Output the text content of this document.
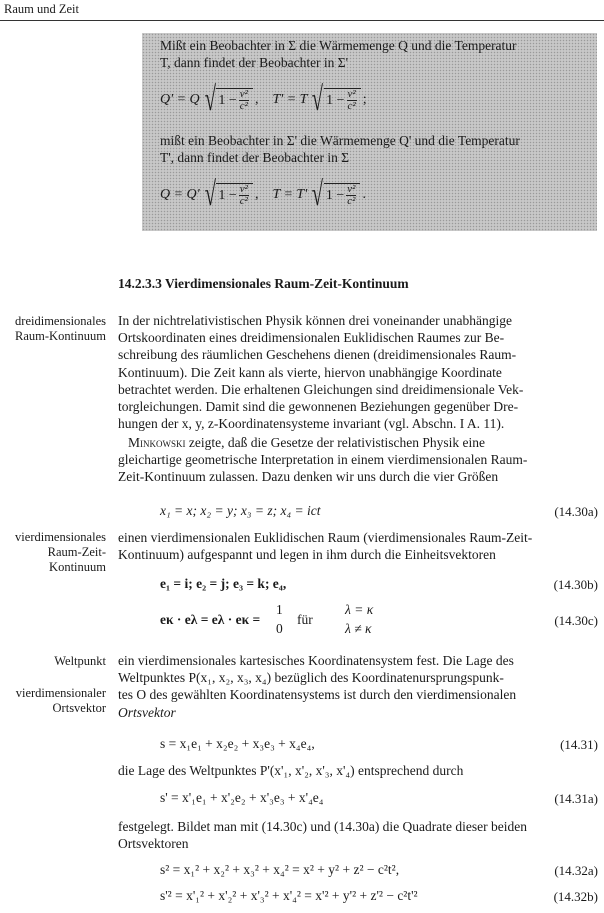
Raum und Zeit
Mißt ein Beobachter in Σ die Wärmemenge Q und die Temperatur
T, dann findet der Beobachter in Σ'
Q' = Q √ $1 - \frac{\text{v²}}{\text{c²}}$ , T' = T √ $1 - \frac{\text{v²}}{\text{c²}}$ ;
mißt ein Beobachter in Σ' die Wärmemenge Q' und die Temperatur
T', dann findet der Beobachter in Σ
Q = Q' √ $1 - \frac{\text{v²}}{\text{c²}}$ , T = T' √ $1 - \frac{\text{v²}}{\text{c²}}$ .
14.2.3.3 Vierdimensionales Raum-Zeit-Kontinuum
dreidimensionales
Raum-Kontinuum
vierdimensionales
Raum-Zeit-
Kontinuum
Weltpunkt
vierdimensionaler
Ortsvektor
In der nichtrelativistischen Physik können drei voneinander unabhängige
Ortskoordinaten eines dreidimensionalen Euklidischen Raumes zur Be-
schreibung des räumlichen Geschehens dienen (dreidimensionales Raum-
Kontinuum). Die Zeit kann als vierte, hiervon unabhängige Koordinate
betrachtet werden. Die erhaltenen Gleichungen sind dreidimensionale Vek-
torgleichungen. Damit sind die gewonnenen Beziehungen gegenüber Dre-
hungen der x, y, z-Koordinatensysteme invariant (vgl. Abschn. I A. 11).
Minkowski zeigte, daß die Gesetze der relativistischen Physik eine
gleichartige geometrische Interpretation in einem vierdimensionalen Raum-
Zeit-Kontinuum zulassen. Dazu denken wir uns durch die vier Größen
x₁ = x; x₂ = y; x₃ = z; x₄ = ict	(14.30a)
einen vierdimensionalen Euklidischen Raum (vierdimensionales Raum-Zeit-
Kontinuum) aufgespannt und legen in ihm durch die Einheitsvektoren
e₁ = i; e₂ = j; e₃ = k; e₄,	(14.30b)
eκ · eλ = eλ · eκ =
1
0
für
λ = κ
λ ≠ κ
(14.30c)
ein vierdimensionales kartesisches Koordinatensystem fest. Die Lage des
Weltpunktes P(x₁, x₂, x₃, x₄) bezüglich des Koordinatenursprungspunk-
tes O des gewählten Koordinatensystems ist durch den vierdimensionalen
Ortsvektor
s = x₁e₁ + x₂e₂ + x₃e₃ + x₄e₄,	(14.31)
die Lage des Weltpunktes P'(x'₁, x'₂, x'₃, x'₄) entsprechend durch
s' = x'₁e₁ + x'₂e₂ + x'₃e₃ + x'₄e₄	(14.31a)
festgelegt. Bildet man mit (14.30c) und (14.30a) die Quadrate dieser beiden
Ortsvektoren
s² = x₁² + x₂² + x₃² + x₄² = x² + y² + z² − c²t²,	(14.32a)
s'² = x'₁² + x'₂² + x'₃² + x'₄² = x'² + y'² + z'² − c²t'²	(14.32b)
